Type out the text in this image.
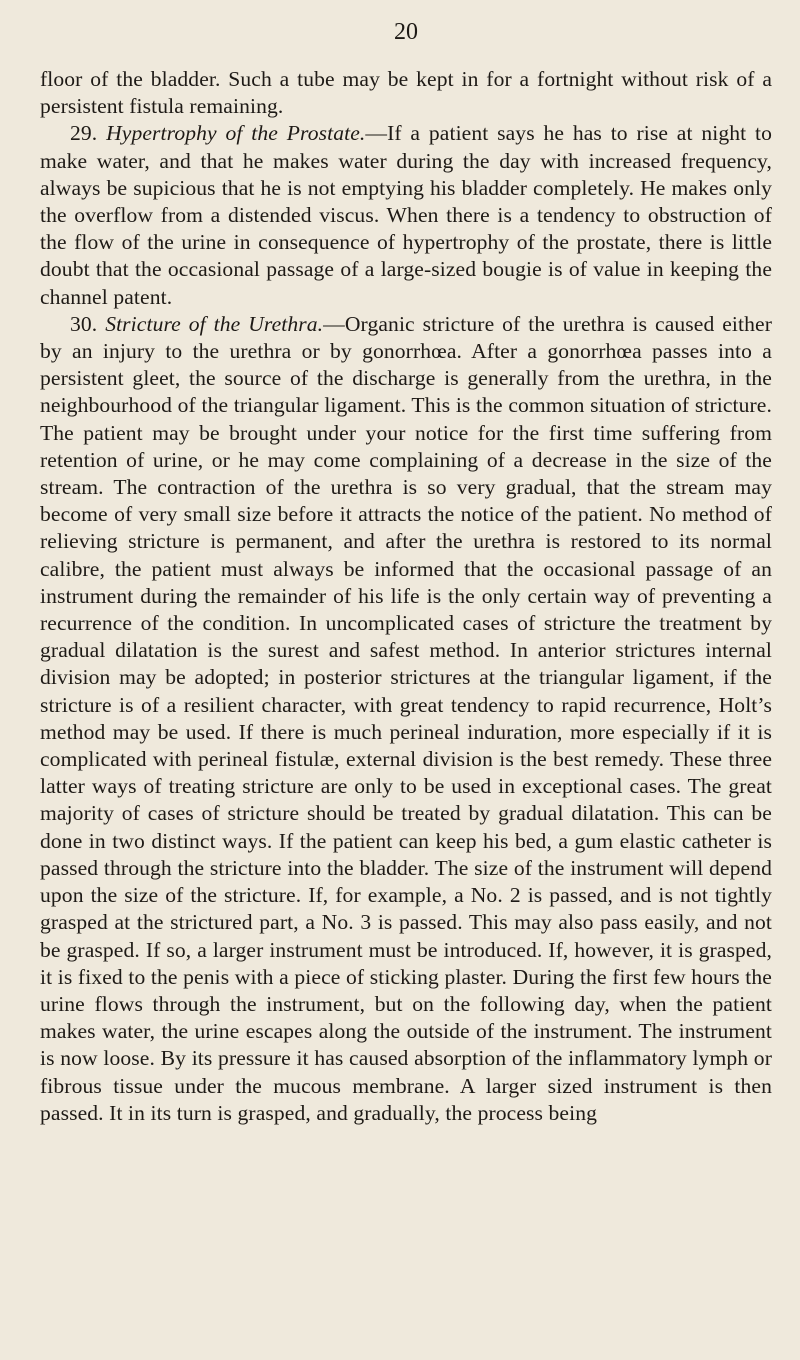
20

floor of the bladder. Such a tube may be kept in for a fortnight without risk of a persistent fistula remaining.

29. Hypertrophy of the Prostate.—If a patient says he has to rise at night to make water, and that he makes water during the day with increased frequency, always be supicious that he is not emptying his bladder completely. He makes only the overflow from a distended viscus. When there is a tendency to obstruction of the flow of the urine in consequence of hypertrophy of the prostate, there is little doubt that the occasional passage of a large-sized bougie is of value in keeping the channel patent.

30. Stricture of the Urethra.—Organic stricture of the urethra is caused either by an injury to the urethra or by gonorrhœa. After a gonorrhœa passes into a persistent gleet, the source of the discharge is generally from the urethra, in the neighbourhood of the triangular ligament. This is the common situation of stricture. The patient may be brought under your notice for the first time suffering from retention of urine, or he may come complaining of a decrease in the size of the stream. The contraction of the urethra is so very gradual, that the stream may become of very small size before it attracts the notice of the patient. No method of relieving stricture is permanent, and after the urethra is restored to its normal calibre, the patient must always be informed that the occasional passage of an instrument during the remainder of his life is the only certain way of preventing a recurrence of the condition. In uncomplicated cases of stricture the treatment by gradual dilatation is the surest and safest method. In anterior strictures internal division may be adopted; in posterior strictures at the triangular ligament, if the stricture is of a resilient character, with great tendency to rapid recurrence, Holt’s method may be used. If there is much perineal induration, more especially if it is complicated with perineal fistulæ, external division is the best remedy. These three latter ways of treating stricture are only to be used in exceptional cases. The great majority of cases of stricture should be treated by gradual dilatation. This can be done in two distinct ways. If the patient can keep his bed, a gum elastic catheter is passed through the stricture into the bladder. The size of the instrument will depend upon the size of the stricture. If, for example, a No. 2 is passed, and is not tightly grasped at the strictured part, a No. 3 is passed. This may also pass easily, and not be grasped. If so, a larger instrument must be introduced. If, however, it is grasped, it is fixed to the penis with a piece of sticking plaster. During the first few hours the urine flows through the instrument, but on the following day, when the patient makes water, the urine escapes along the outside of the instrument. The instrument is now loose. By its pressure it has caused absorption of the inflammatory lymph or fibrous tissue under the mucous membrane. A larger sized instrument is then passed. It in its turn is grasped, and gradually, the process being
